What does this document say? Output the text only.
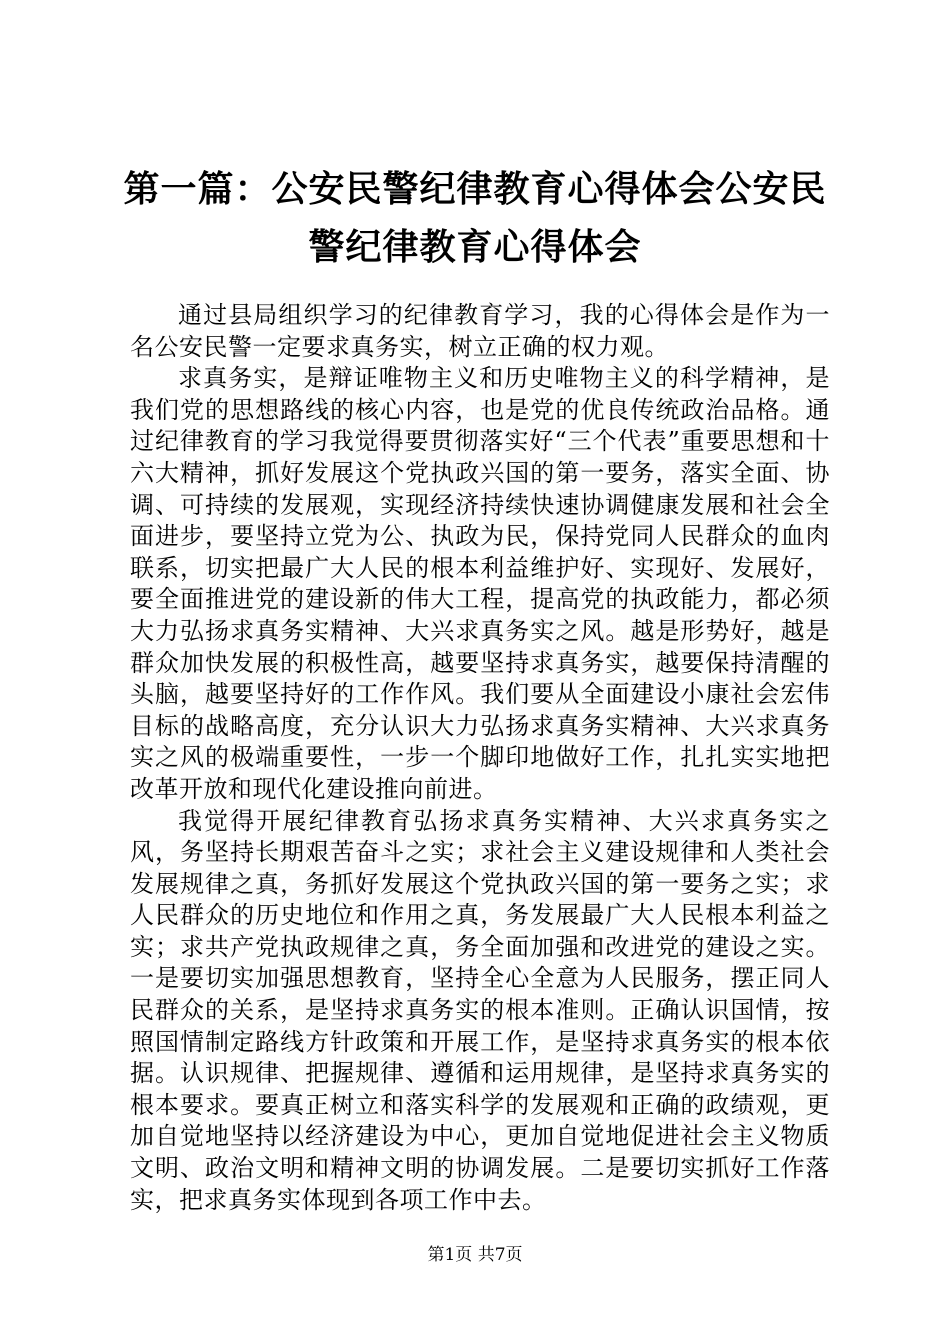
第一篇：公安民警纪律教育心得体会公安民警纪律教育心得体会

通过县局组织学习的纪律教育学习，我的心得体会是作为一名公安民警一定要求真务实，树立正确的权力观。

求真务实，是辩证唯物主义和历史唯物主义的科学精神，是我们党的思想路线的核心内容，也是党的优良传统政治品格。通过纪律教育的学习我觉得要贯彻落实好“三个代表”重要思想和十六大精神，抓好发展这个党执政兴国的第一要务，落实全面、协调、可持续的发展观，实现经济持续快速协调健康发展和社会全面进步，要坚持立党为公、执政为民，保持党同人民群众的血肉联系，切实把最广大人民的根本利益维护好、实现好、发展好，要全面推进党的建设新的伟大工程，提高党的执政能力，都必须大力弘扬求真务实精神、大兴求真务实之风。越是形势好，越是群众加快发展的积极性高，越要坚持求真务实，越要保持清醒的头脑，越要坚持好的工作作风。我们要从全面建设小康社会宏伟目标的战略高度，充分认识大力弘扬求真务实精神、大兴求真务实之风的极端重要性，一步一个脚印地做好工作，扎扎实实地把改革开放和现代化建设推向前进。

我觉得开展纪律教育弘扬求真务实精神、大兴求真务实之风，务坚持长期艰苦奋斗之实；求社会主义建设规律和人类社会发展规律之真，务抓好发展这个党执政兴国的第一要务之实；求人民群众的历史地位和作用之真，务发展最广大人民根本利益之实；求共产党执政规律之真，务全面加强和改进党的建设之实。一是要切实加强思想教育，坚持全心全意为人民服务，摆正同人民群众的关系，是坚持求真务实的根本准则。正确认识国情，按照国情制定路线方针政策和开展工作，是坚持求真务实的根本依据。认识规律、把握规律、遵循和运用规律，是坚持求真务实的根本要求。要真正树立和落实科学的发展观和正确的政绩观，更加自觉地坚持以经济建设为中心，更加自觉地促进社会主义物质文明、政治文明和精神文明的协调发展。二是要切实抓好工作落实，把求真务实体现到各项工作中去。

第1页 共7页
